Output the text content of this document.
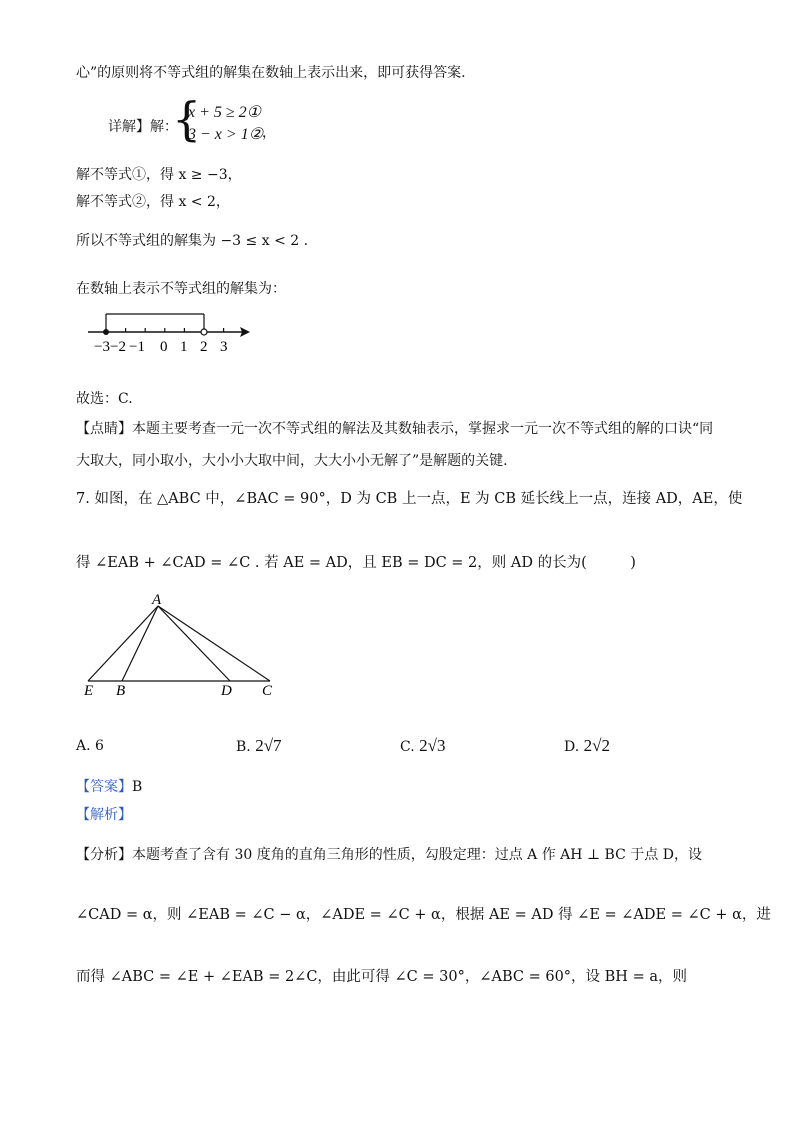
心”的原则将不等式组的解集在数轴上表示出来，即可获得答案.
详解】解：
{
x + 5 ≥ 2①
3 − x > 1②
，
解不等式①，得 x ≥ −3，
解不等式②，得 x < 2，
所以不等式组的解集为 −3 ≤ x < 2 .
在数轴上表示不等式组的解集为：
−3 −2 −1 0 1 2 3
故选：C.
【点睛】本题主要考查一元一次不等式组的解法及其数轴表示，掌握求一元一次不等式组的解的口诀“同
大取大，同小取小，大小小大取中间，大大小小无解了”是解题的关键.
7. 如图，在 △ABC 中，∠BAC = 90°，D 为 CB 上一点，E 为 CB 延长线上一点，连接 AD，AE，使
得 ∠EAB + ∠CAD = ∠C . 若 AE = AD，且 EB = DC = 2，则 AD 的长为(　　　)
A
E B	D C
A. 6	B. 2√7	C. 2√3	D. 2√2
【答案】B
【解析】
【分析】本题考查了含有 30 度角的直角三角形的性质，勾股定理：过点 A 作 AH ⊥ BC 于点 D，设
∠CAD = α，则 ∠EAB = ∠C − α，∠ADE = ∠C + α，根据 AE = AD 得 ∠E = ∠ADE = ∠C + α，进
而得 ∠ABC = ∠E + ∠EAB = 2∠C，由此可得 ∠C = 30°，∠ABC = 60°，设 BH = a，则
